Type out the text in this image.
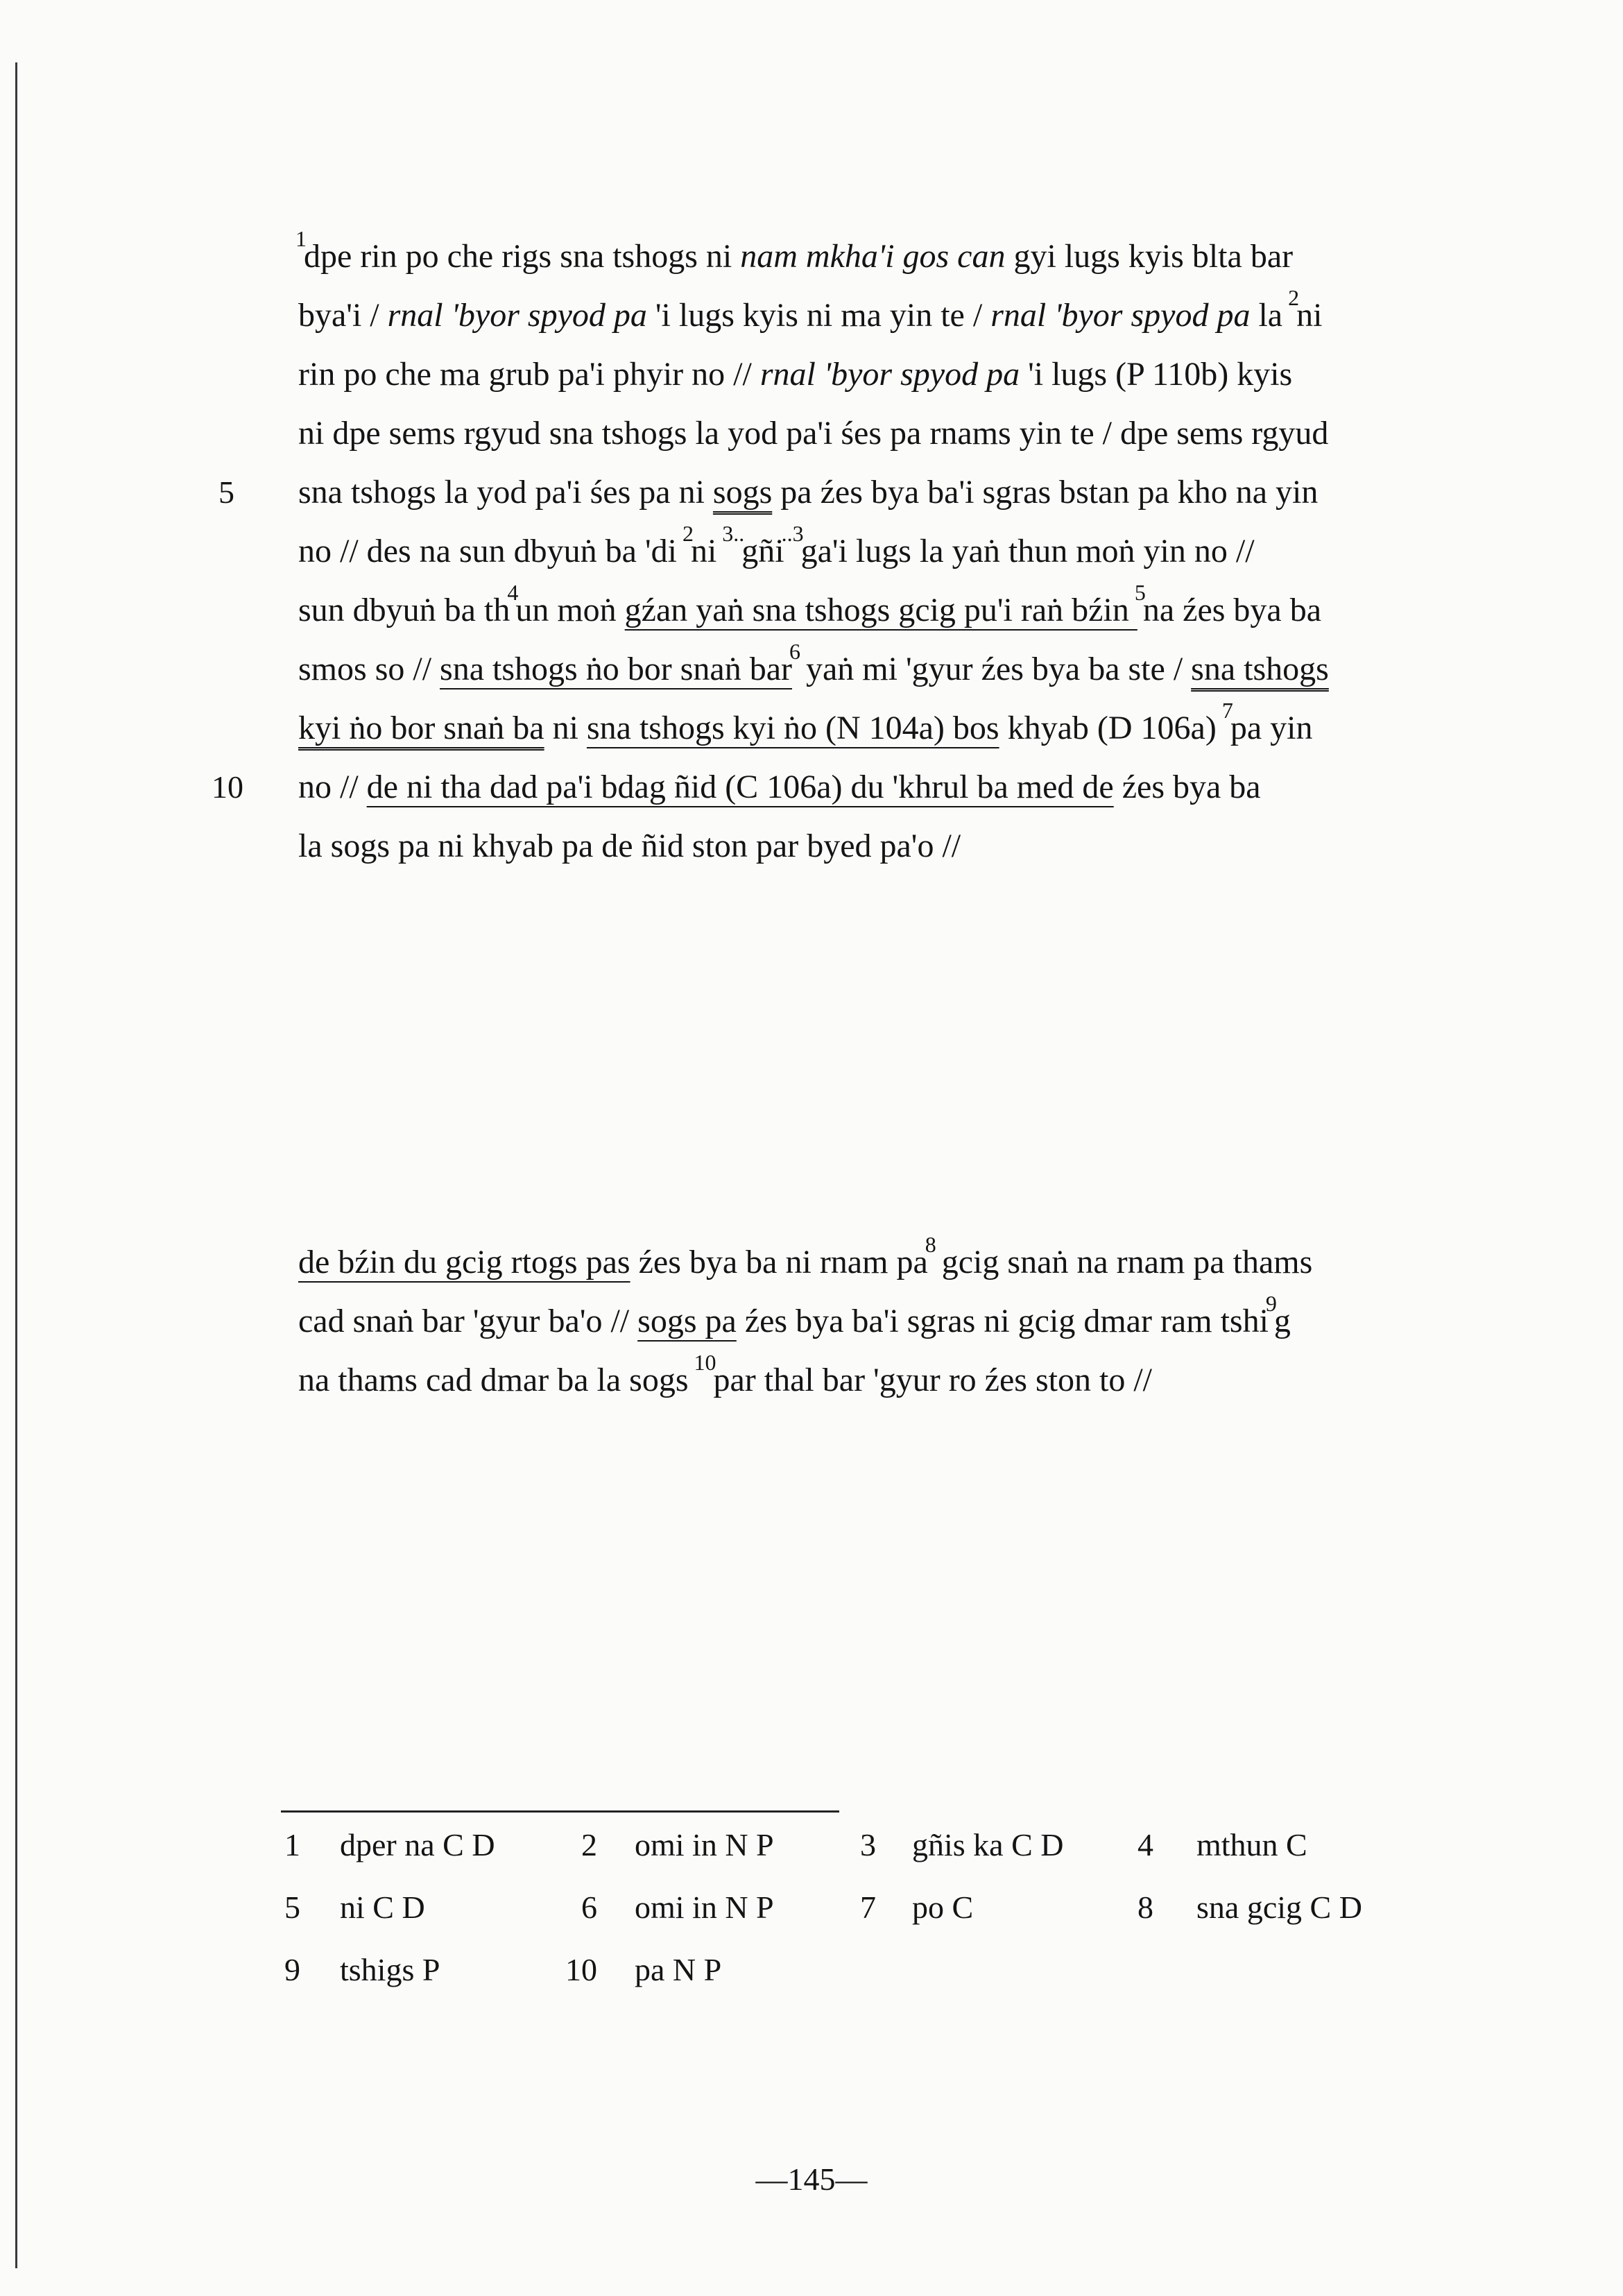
$^1$dpe rin po che rigs sna tshogs ni nam mkha'i gos can gyi lugs kyis blta bar
bya'i / rnal 'byor spyod pa 'i lugs kyis ni ma yin te / rnal 'byor spyod pa la $^2$ni
rin po che ma grub pa'i phyir no // rnal 'byor spyod pa 'i lugs (P 110b) kyis
ni dpe sems rgyud sna tshogs la yod pa'i śes pa rnams yin te / dpe sems rgyud
5 sna tshogs la yod pa'i śes pa ni sogs pa źes bya ba'i sgras bstan pa kho na yin
no // des na sun dbyuṅ ba 'di $^2$ni $^{3..}$gñi$^{..3}$ga'i lugs la yaṅ thun moṅ yin no //
sun dbyuṅ ba $th^4un$ moṅ gźan yaṅ sna tshogs gcig pu'i raṅ bźin $^5$na źes bya ba
smos so // sna tshogs ṅo bor snaṅ bar$^6$ yaṅ mi 'gyur źes bya ba ste / sna tshogs
kyi ṅo bor snaṅ ba ni sna tshogs kyi ṅo (N 104a) bos khyab (D 106a) $^7$pa yin
10 no // de ni tha dad pa'i bdag ñid (C 106a) du 'khrul ba med de źes bya ba
la sogs pa ni khyab pa de ñid ston par byed pa'o //
de bźin du gcig rtogs pas źes bya ba ni rnam $pa^8$ gcig snaṅ na rnam pa thams
cad snaṅ bar 'gyur ba'o // sogs pa źes bya ba'i sgras ni gcig dmar ram tshi$^9$g
na thams cad dmar ba la sogs $^{10}$par thal bar 'gyur ro źes ston to //
1 dper na C D	2 omi in N P	3 gñis ka C D 4 mthun C
5 ni C D	6 omi in N P	7 po C	8 sna gcig C D
9 tshigs P	10 pa N P
—145—
